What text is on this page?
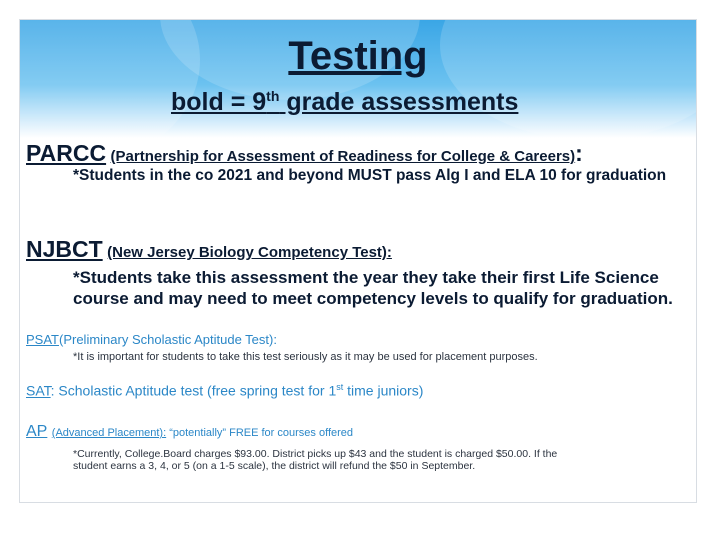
Testing
bold = 9th grade assessments
PARCC (Partnership for Assessment of Readiness for College & Careers):
*Students in the co 2021 and beyond MUST pass Alg I and ELA 10 for graduation
NJBCT (New Jersey Biology Competency Test):
*Students take this assessment the year they take their first Life Science
course and may need to meet competency levels to qualify for graduation.
PSAT(Preliminary Scholastic Aptitude Test):
*It is important for students to take this test seriously as it may be used for placement purposes.
SAT: Scholastic Aptitude test (free spring test for 1st time juniors)
AP (Advanced Placement): “potentially” FREE for courses offered
*Currently, College.Board charges $93.00. District picks up $43 and the student is charged $50.00. If the
student earns a 3, 4, or 5 (on a 1-5 scale), the district will refund the $50 in September.
